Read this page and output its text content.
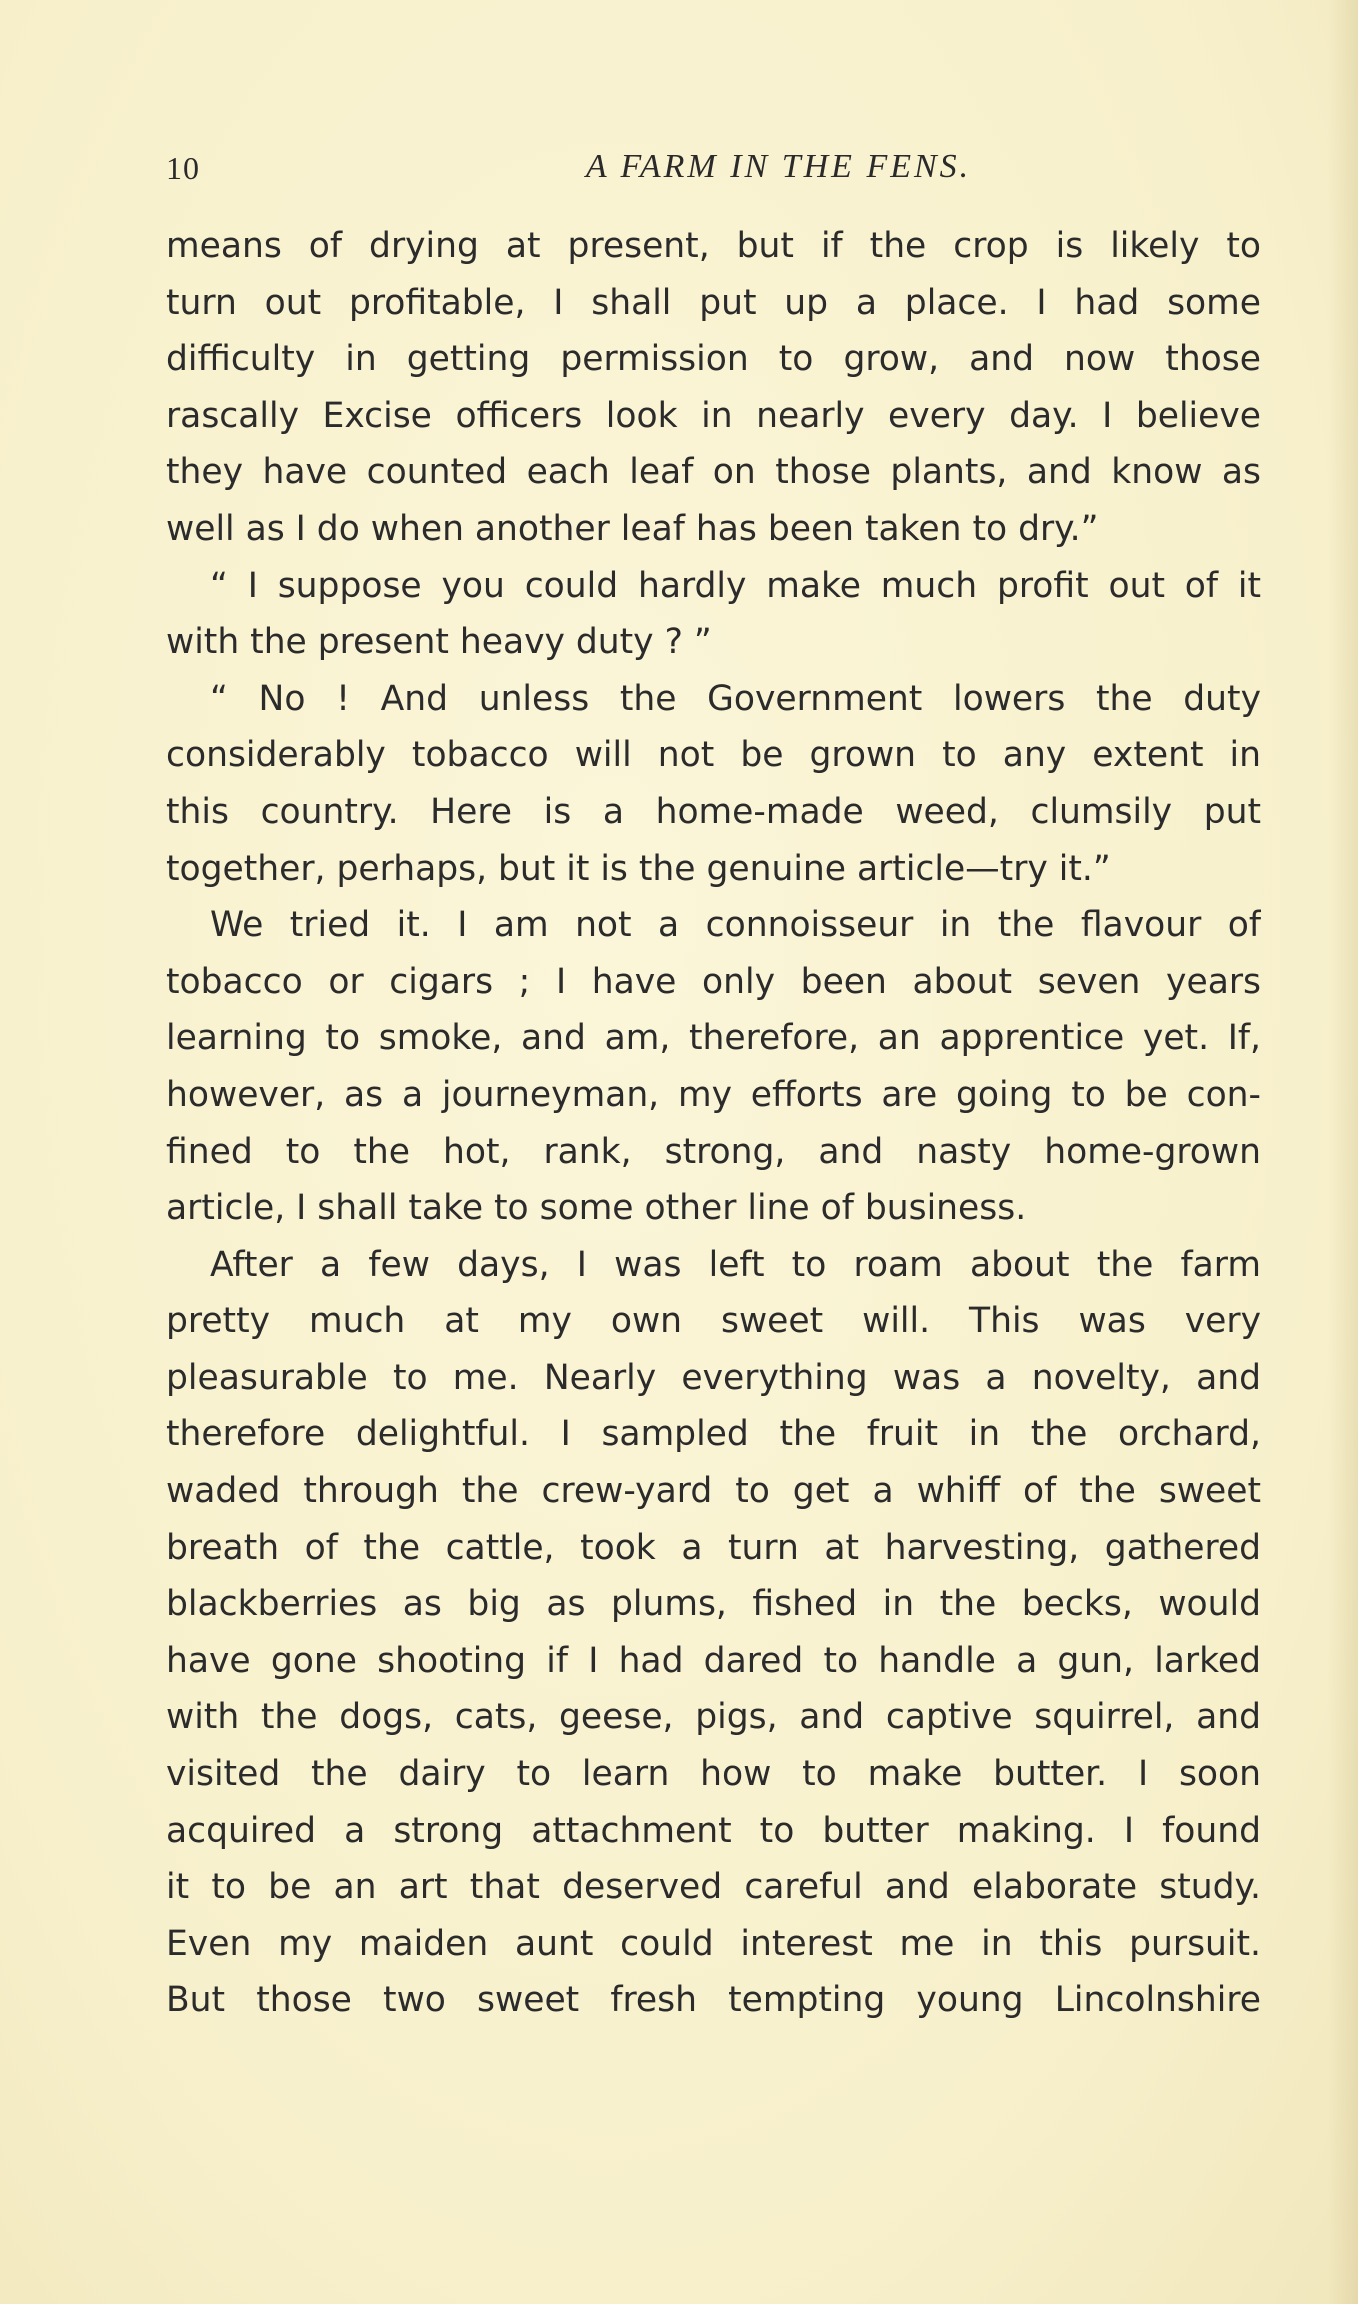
10	A FARM IN THE FENS.
means of drying at present, but if the crop is likely to
turn out profitable, I shall put up a place. I had some
difficulty in getting permission to grow, and now those
rascally Excise officers look in nearly every day. I believe
they have counted each leaf on those plants, and know as
well as I do when another leaf has been taken to dry.”
“ I suppose you could hardly make much profit out of it
with the present heavy duty ? ”
“ No ! And unless the Government lowers the duty
considerably tobacco will not be grown to any extent in
this country. Here is a home-made weed, clumsily put
together, perhaps, but it is the genuine article—try it.”
We tried it. I am not a connoisseur in the flavour of
tobacco or cigars ; I have only been about seven years
learning to smoke, and am, therefore, an apprentice yet. If,
however, as a journeyman, my efforts are going to be con-
fined to the hot, rank, strong, and nasty home-grown
article, I shall take to some other line of business.
After a few days, I was left to roam about the farm
pretty much at my own sweet will. This was very
pleasurable to me. Nearly everything was a novelty, and
therefore delightful. I sampled the fruit in the orchard,
waded through the crew-yard to get a whiff of the sweet
breath of the cattle, took a turn at harvesting, gathered
blackberries as big as plums, fished in the becks, would
have gone shooting if I had dared to handle a gun, larked
with the dogs, cats, geese, pigs, and captive squirrel, and
visited the dairy to learn how to make butter. I soon
acquired a strong attachment to butter making. I found
it to be an art that deserved careful and elaborate study.
Even my maiden aunt could interest me in this pursuit.
But those two sweet fresh tempting young Lincolnshire
